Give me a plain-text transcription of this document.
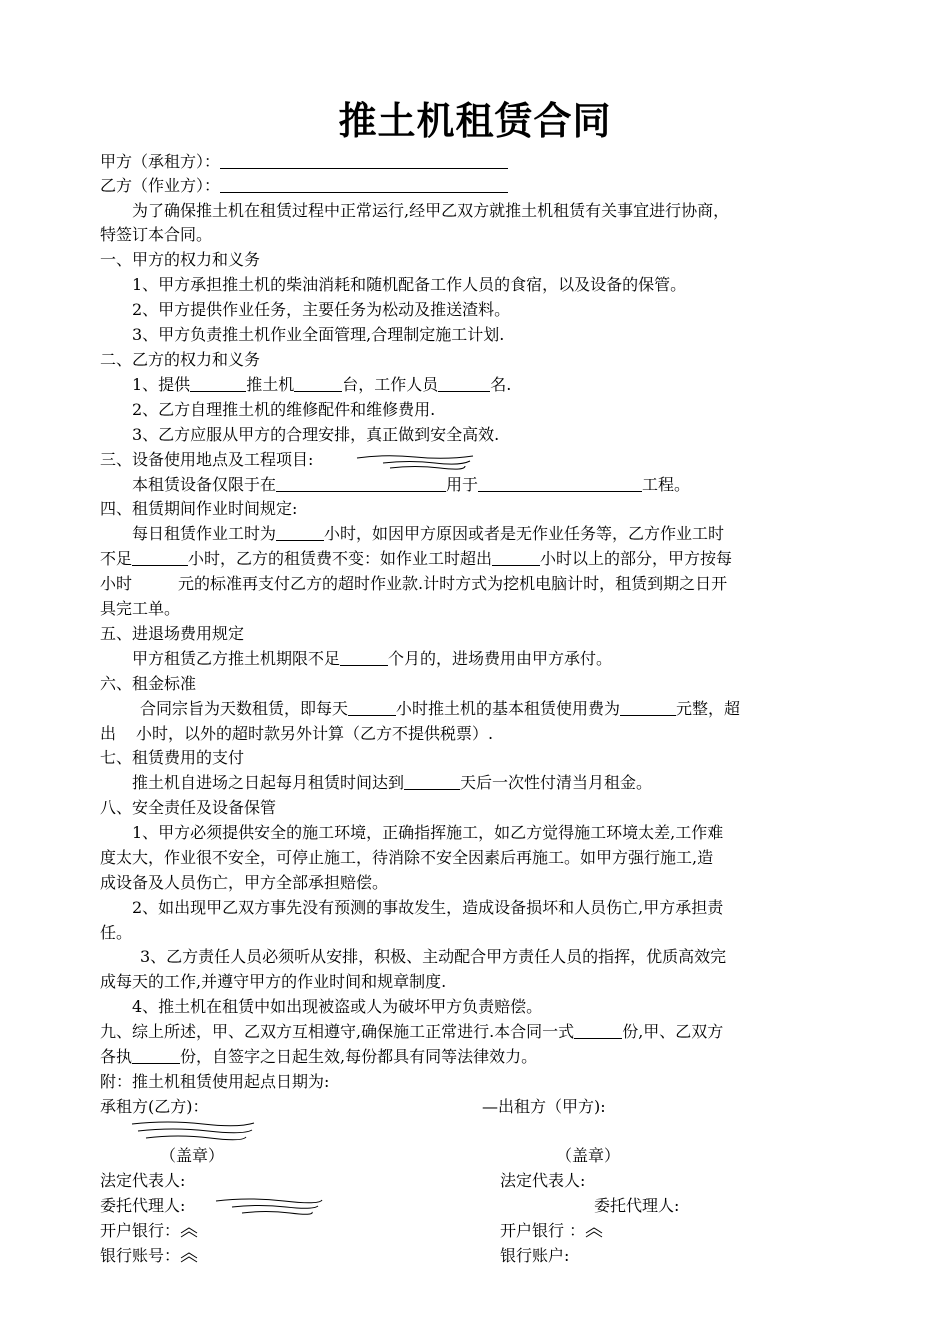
推土机租赁合同
甲方（承租方）：
乙方（作业方）：
为了确保推土机在租赁过程中正常运行,经甲乙双方就推土机租赁有关事宜进行协商，
特签订本合同。
一、甲方的权力和义务
1、甲方承担推土机的柴油消耗和随机配备工作人员的食宿，以及设备的保管。
2、甲方提供作业任务，主要任务为松动及推送渣料。
3、甲方负责推土机作业全面管理,合理制定施工计划.
二、乙方的权力和义务
1、提供	推土机	台，工作人员	名.
2、乙方自理推土机的维修配件和维修费用.
3、乙方应服从甲方的合理安排，真正做到安全高效.
三、设备使用地点及工程项目:
本租赁设备仅限于在	用于	工程。
四、租赁期间作业时间规定:
每日租赁作业工时为	小时，如因甲方原因或者是无作业任务等，乙方作业工时
不足	小时，乙方的租赁费不变：如作业工时超出	小时以上的部分，甲方按每
小时	元的标准再支付乙方的超时作业款.计时方式为挖机电脑计时，租赁到期之日开
具完工单。
五、进退场费用规定
甲方租赁乙方推土机期限不足	个月的，进场费用由甲方承付。
六、租金标准
合同宗旨为天数租赁，即每天	小时推土机的基本租赁使用费为	元整，超
出 小时，以外的超时款另外计算（乙方不提供税票）.
七、租赁费用的支付
推土机自进场之日起每月租赁时间达到	天后一次性付清当月租金。
八、安全责任及设备保管
1、甲方必须提供安全的施工环境，正确指挥施工，如乙方觉得施工环境太差,工作难
度太大，作业很不安全，可停止施工，待消除不安全因素后再施工。如甲方强行施工,造
成设备及人员伤亡，甲方全部承担赔偿。
2、如出现甲乙双方事先没有预测的事故发生，造成设备损坏和人员伤亡,甲方承担责
任。
3、乙方责任人员必须听从安排，积极、主动配合甲方责任人员的指挥，优质高效完
成每天的工作,并遵守甲方的作业时间和规章制度.
4、推土机在租赁中如出现被盗或人为破坏甲方负责赔偿。
九、综上所述，甲、乙双方互相遵守,确保施工正常进行.本合同一式	份,甲、乙双方
各执	份，自签字之日起生效,每份都具有同等法律效力。
附：推土机租赁使用起点日期为:
承租方(乙方)：	—出租方（甲方):
（盖章）	（盖章）
法定代表人:	法定代表人:
委托代理人:	委托代理人:
开户银行：	开户银行 ：
银行账号：	银行账户:
